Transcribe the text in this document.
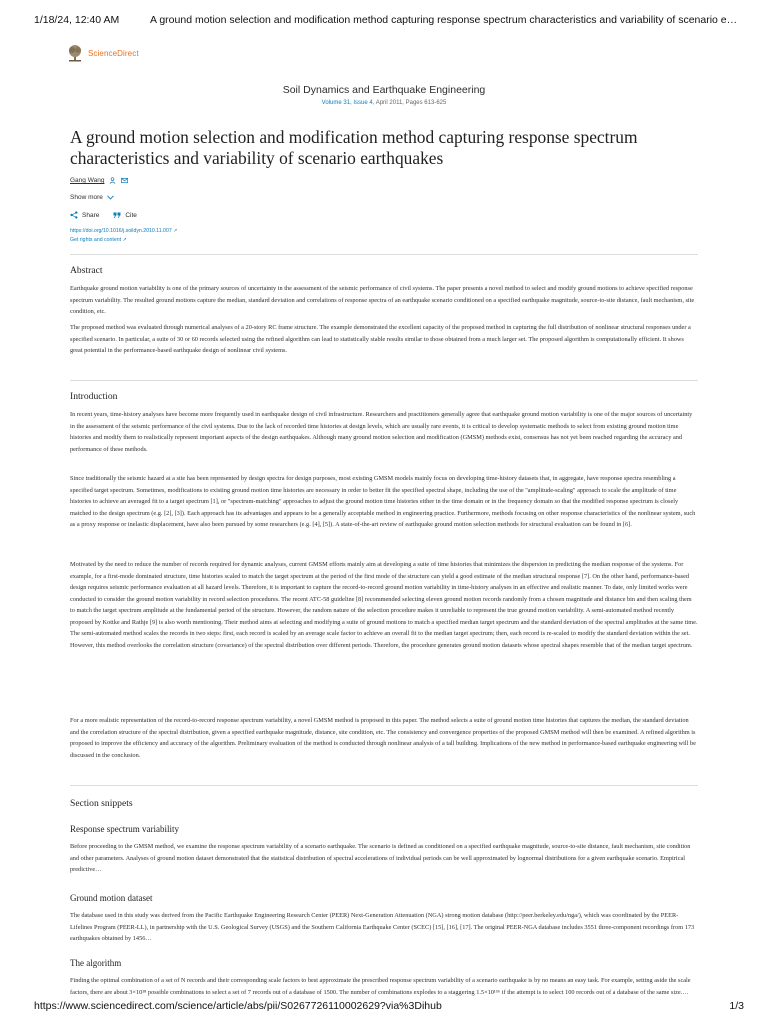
1/18/24, 12:40 AM	A ground motion selection and modification method capturing response spectrum characteristics and variability of scenario e…
ScienceDirect
Soil Dynamics and Earthquake Engineering
Volume 31, Issue 4, April 2011, Pages 613-625
A ground motion selection and modification method capturing response spectrum characteristics and variability of scenario earthquakes
Gang Wang
Show more
Share	Cite
https://doi.org/10.1016/j.soildyn.2010.11.007 ↗
Get rights and content ↗
Abstract

Earthquake ground motion variability is one of the primary sources of uncertainty in the assessment of the seismic performance of civil systems. The paper presents a novel method to select and modify ground motions to achieve specified response spectrum variability. The resulted ground motions capture the median, standard deviation and correlations of response spectra of an earthquake scenario conditioned on a specified earthquake magnitude, source-to-site distance, fault mechanism, site condition, etc.

The proposed method was evaluated through numerical analyses of a 20-story RC frame structure. The example demonstrated the excellent capacity of the proposed method in capturing the full distribution of nonlinear structural responses under a specified scenario. In particular, a suite of 30 or 60 records selected using the refined algorithm can lead to statistically stable results similar to those obtained from a much larger set. The proposed algorithm is computationally efficient. It shows great potential in the performance-based earthquake design of nonlinear civil systems.

Introduction

In recent years, time-history analyses have become more frequently used in earthquake design of civil infrastructure. Researchers and practitioners generally agree that earthquake ground motion variability is one of the major sources of uncertainty in the assessment of the seismic performance of the civil systems. Due to the lack of recorded time histories at design levels, which are usually rare events, it is critical to develop systematic methods to select from existing ground motion time histories and modify them to realistically represent important aspects of the design earthquakes. Although many ground motion selection and modification (GMSM) methods exist, consensus has not yet been reached regarding the accuracy and performance of these methods.

Since traditionally the seismic hazard at a site has been represented by design spectra for design purposes, most existing GMSM models mainly focus on developing time-history datasets that, in aggregate, have response spectra resembling a specified target spectrum. Sometimes, modifications to existing ground motion time histories are necessary in order to better fit the specified spectral shape, including the use of the "amplitude-scaling" approach to scale the amplitude of time histories to achieve an averaged fit to a target spectrum [1], or "spectrum-matching" approaches to adjust the ground motion time histories either in the time domain or in the frequency domain so that the modified response spectrum is closely matched to the design spectrum (e.g. [2], [3]). Each approach has its advantages and appears to be a generally acceptable method in engineering practice. Furthermore, methods focusing on other response characteristics of the nonlinear system, such as a proxy response or inelastic displacement, have also been pursued by some researchers (e.g. [4], [5]). A state-of-the-art review of earthquake ground motion selection methods for structural evaluation can be found in [6].

Motivated by the need to reduce the number of records required for dynamic analyses, current GMSM efforts mainly aim at developing a suite of time histories that minimizes the dispersion in predicting the median response of the systems. For example, for a first-mode dominated structure, time histories scaled to match the target spectrum at the period of the first mode of the structure can yield a good estimate of the median structural response [7]. On the other hand, performance-based design requires seismic performance evaluation at all hazard levels. Therefore, it is important to capture the record-to-record ground motion variability in time-history analyses in an effective and realistic manner. To date, only limited works were conducted to consider the ground motion variability in record selection procedures. The recent ATC-58 guideline [8] recommended selecting eleven ground motion records randomly from a chosen magnitude and distance bin and then scaling them to match the target spectrum amplitude at the fundamental period of the structure. However, the random nature of the selection procedure makes it unreliable to represent the true ground motion variability. A semi-automated method recently proposed by Kottke and Rathje [9] is also worth mentioning. Their method aims at selecting and modifying a suite of ground motions to match a specified median target spectrum and the standard deviation of the spectral amplitudes at the same time. The semi-automated method scales the records in two steps: first, each record is scaled by an average scale factor to achieve an overall fit to the median target spectrum; then, each record is re-scaled to modify the standard deviation within the set. However, this method overlooks the correlation structure (covariance) of the spectral distribution over different periods. Therefore, the procedure generates ground motion datasets whose spectral shapes resemble that of the median target spectrum.

For a more realistic representation of the record-to-record response spectrum variability, a novel GMSM method is proposed in this paper. The method selects a suite of ground motion time histories that captures the median, the standard deviation and the correlation structure of the spectral distribution, given a specified earthquake magnitude, distance, site condition, etc. The consistency and convergence properties of the proposed GMSM method will then be examined. A refined algorithm is proposed to improve the efficiency and accuracy of the algorithm. Preliminary evaluation of the method is conducted through nonlinear analysis of a tall building. Implications of the new method in performance-based earthquake engineering will be discussed in the conclusion.

Section snippets
Response spectrum variability

Before proceeding to the GMSM method, we examine the response spectrum variability of a scenario earthquake. The scenario is defined as conditioned on a specified earthquake magnitude, source-to-site distance, fault mechanism, site condition and other parameters. Analyses of ground motion dataset demonstrated that the statistical distribution of spectral accelerations of individual periods can be well approximated by lognormal distributions for a given earthquake scenario. Empirical predictive…

Ground motion dataset

The database used in this study was derived from the Pacific Earthquake Engineering Research Center (PEER) Next-Generation Attenuation (NGA) strong motion database (http://peer.berkeley.edu/nga/), which was coordinated by the PEER-Lifelines Program (PEER-LL), in partnership with the U.S. Geological Survey (USGS) and the Southern California Earthquake Center (SCEC) [15], [16], [17]. The original PEER-NGA database includes 3551 three-component recordings from 173 earthquakes obtained by 1456…

The algorithm

Finding the optimal combination of a set of N records and their corresponding scale factors to best approximate the prescribed response spectrum variability of a scenario earthquake is by no means an easy task. For example, setting aside the scale factors, there are about 3×10¹⁸ possible combinations to select a set of 7 records out of a database of 1500. The number of combinations explodes to a staggering 1.5×10¹⁵⁶ if the attempt is to select 100 records out of a database of the same size.…

https://www.sciencedirect.com/science/article/abs/pii/S0267726110002629?via%3Dihub	1/3
